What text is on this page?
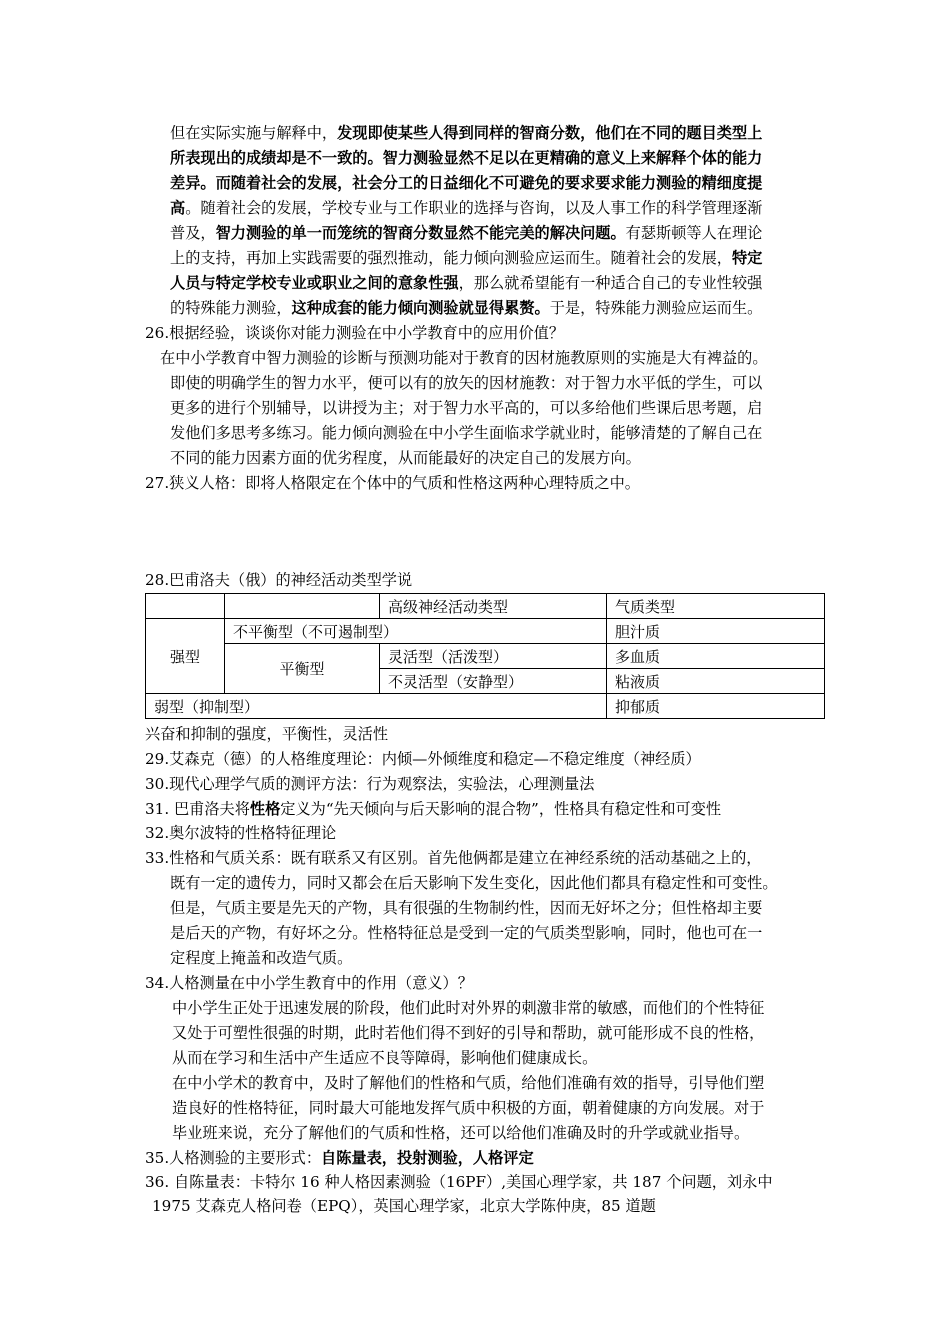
但在实际实施与解释中，发现即使某些人得到同样的智商分数，他们在不同的题目类型上
所表现出的成绩却是不一致的。智力测验显然不足以在更精确的意义上来解释个体的能力
差异。而随着社会的发展，社会分工的日益细化不可避免的要求要求能力测验的精细度提
高。随着社会的发展，学校专业与工作职业的选择与咨询，以及人事工作的科学管理逐渐
普及，智力测验的单一而笼统的智商分数显然不能完美的解决问题。有瑟斯顿等人在理论
上的支持，再加上实践需要的强烈推动，能力倾向测验应运而生。随着社会的发展，特定
人员与特定学校专业或职业之间的意象性强，那么就希望能有一种适合自己的专业性较强
的特殊能力测验，这种成套的能力倾向测验就显得累赘。于是，特殊能力测验应运而生。
26.根据经验，谈谈你对能力测验在中小学教育中的应用价值？
在中小学教育中智力测验的诊断与预测功能对于教育的因材施教原则的实施是大有裨益的。
即使的明确学生的智力水平，便可以有的放矢的因材施教：对于智力水平低的学生，可以
更多的进行个别辅导，以讲授为主；对于智力水平高的，可以多给他们些课后思考题，启
发他们多思考多练习。能力倾向测验在中小学生面临求学就业时，能够清楚的了解自己在
不同的能力因素方面的优劣程度，从而能最好的决定自己的发展方向。
27.狭义人格：即将人格限定在个体中的气质和性格这两种心理特质之中。
28.巴甫洛夫（俄）的神经活动类型学说
		高级神经活动类型	气质类型
强型	不平衡型（不可遏制型）		胆汁质
	平衡型	灵活型（活泼型）	多血质
		不灵活型（安静型）	粘液质
弱型（抑制型）			抑郁质
兴奋和抑制的强度，平衡性，灵活性
29.艾森克（德）的人格维度理论：内倾—外倾维度和稳定—不稳定维度（神经质）
30.现代心理学气质的测评方法：行为观察法，实验法，心理测量法
31. 巴甫洛夫将性格定义为“先天倾向与后天影响的混合物”，性格具有稳定性和可变性
32.奥尔波特的性格特征理论
33.性格和气质关系：既有联系又有区别。首先他俩都是建立在神经系统的活动基础之上的，
既有一定的遗传力，同时又都会在后天影响下发生变化，因此他们都具有稳定性和可变性。
但是，气质主要是先天的产物，具有很强的生物制约性，因而无好坏之分；但性格却主要
是后天的产物，有好坏之分。性格特征总是受到一定的气质类型影响，同时，他也可在一
定程度上掩盖和改造气质。
34.人格测量在中小学生教育中的作用（意义）？
中小学生正处于迅速发展的阶段，他们此时对外界的刺激非常的敏感，而他们的个性特征
又处于可塑性很强的时期，此时若他们得不到好的引导和帮助，就可能形成不良的性格，
从而在学习和生活中产生适应不良等障碍，影响他们健康成长。
在中小学术的教育中，及时了解他们的性格和气质，给他们准确有效的指导，引导他们塑
造良好的性格特征，同时最大可能地发挥气质中积极的方面，朝着健康的方向发展。对于
毕业班来说，充分了解他们的气质和性格，还可以给他们准确及时的升学或就业指导。
35.人格测验的主要形式：自陈量表，投射测验，人格评定
36. 自陈量表：卡特尔 16 种人格因素测验（16PF）,美国心理学家，共 187 个问题，刘永中
1975 艾森克人格问卷（EPQ），英国心理学家，北京大学陈仲庚，85 道题
